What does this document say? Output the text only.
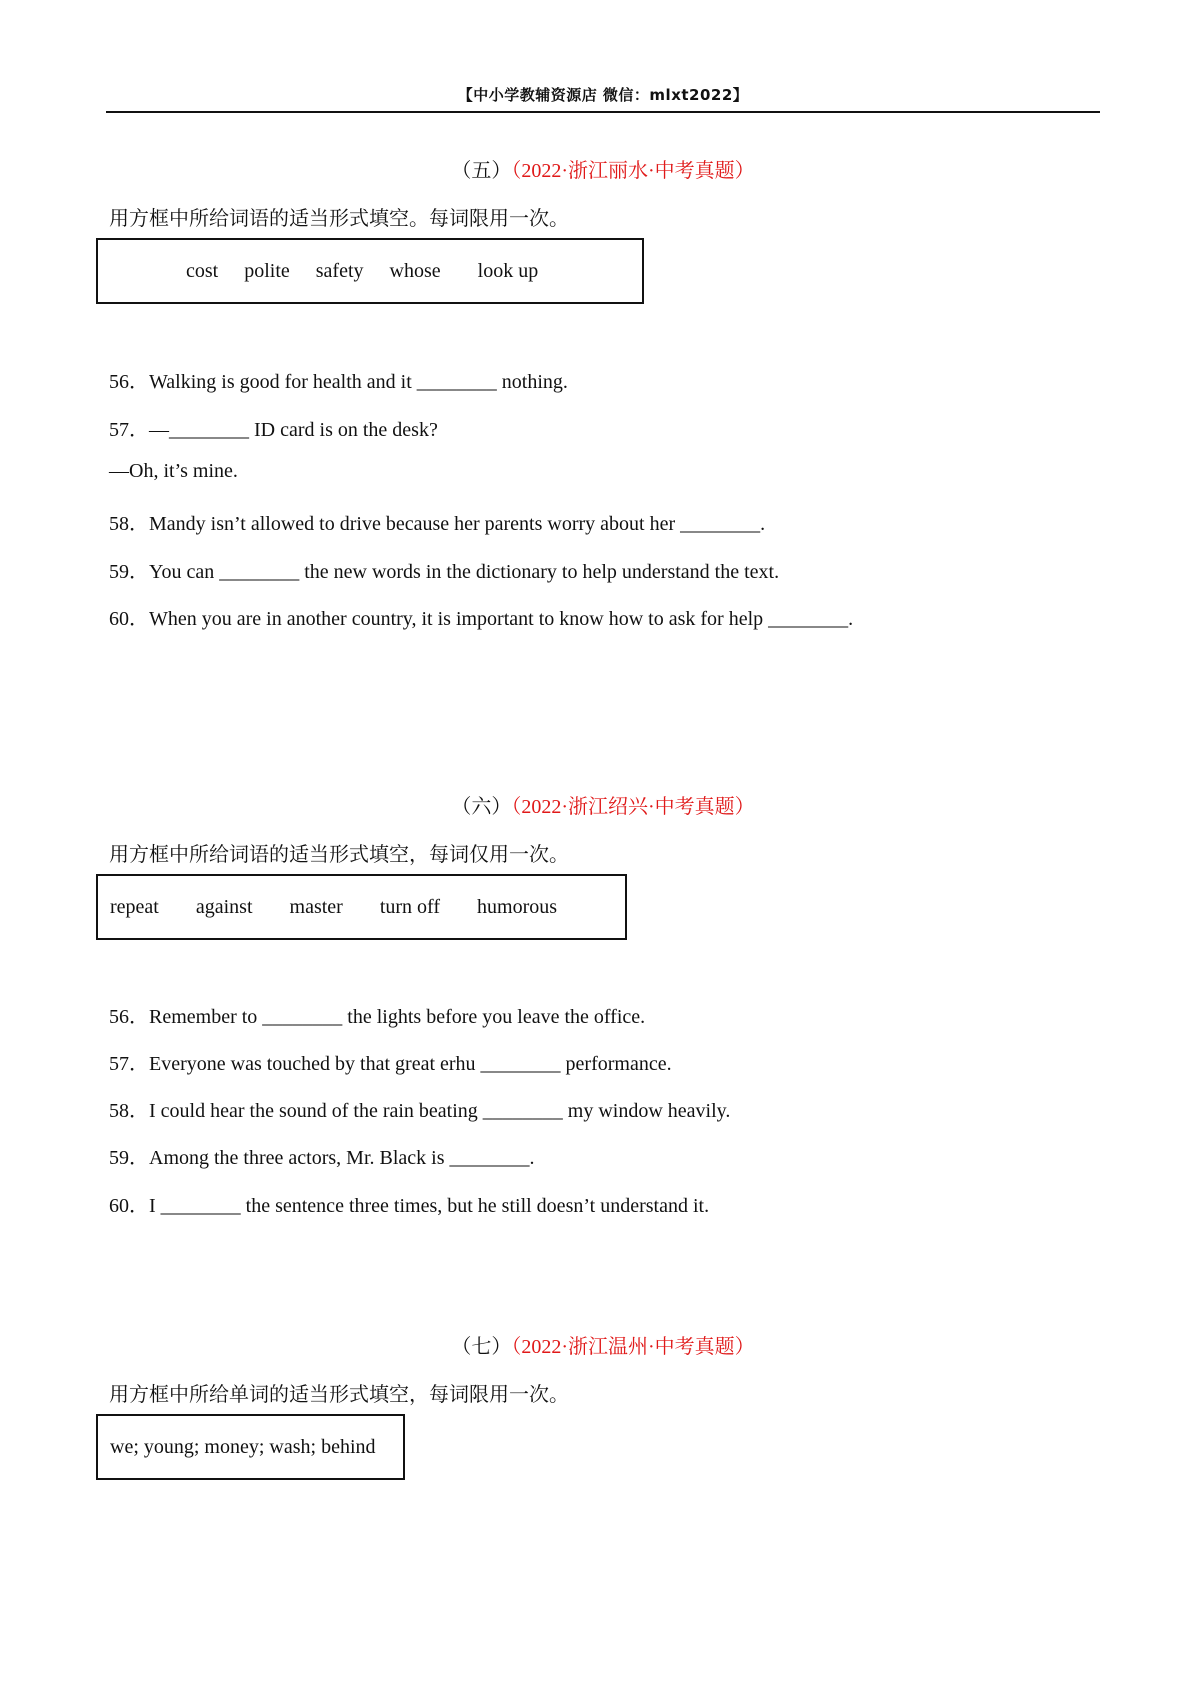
【中小学教辅资源店 微信：mlxt2022】
（五）（2022·浙江丽水·中考真题）
用方框中所给词语的适当形式填空。每词限用一次。
cost polite safety whose look up
56．Walking is good for health and it ________ nothing.
57．—________ ID card is on the desk?
—Oh, it’s mine.
58．Mandy isn’t allowed to drive because her parents worry about her ________.
59．You can ________ the new words in the dictionary to help understand the text.
60．When you are in another country, it is important to know how to ask for help ________.
（六）（2022·浙江绍兴·中考真题）
用方框中所给词语的适当形式填空，每词仅用一次。
repeat against master turn off humorous
56．Remember to ________ the lights before you leave the office.
57．Everyone was touched by that great erhu ________ performance.
58．I could hear the sound of the rain beating ________ my window heavily.
59．Among the three actors, Mr. Black is ________.
60．I ________ the sentence three times, but he still doesn’t understand it.
（七）（2022·浙江温州·中考真题）
用方框中所给单词的适当形式填空，每词限用一次。
we; young; money; wash; behind
